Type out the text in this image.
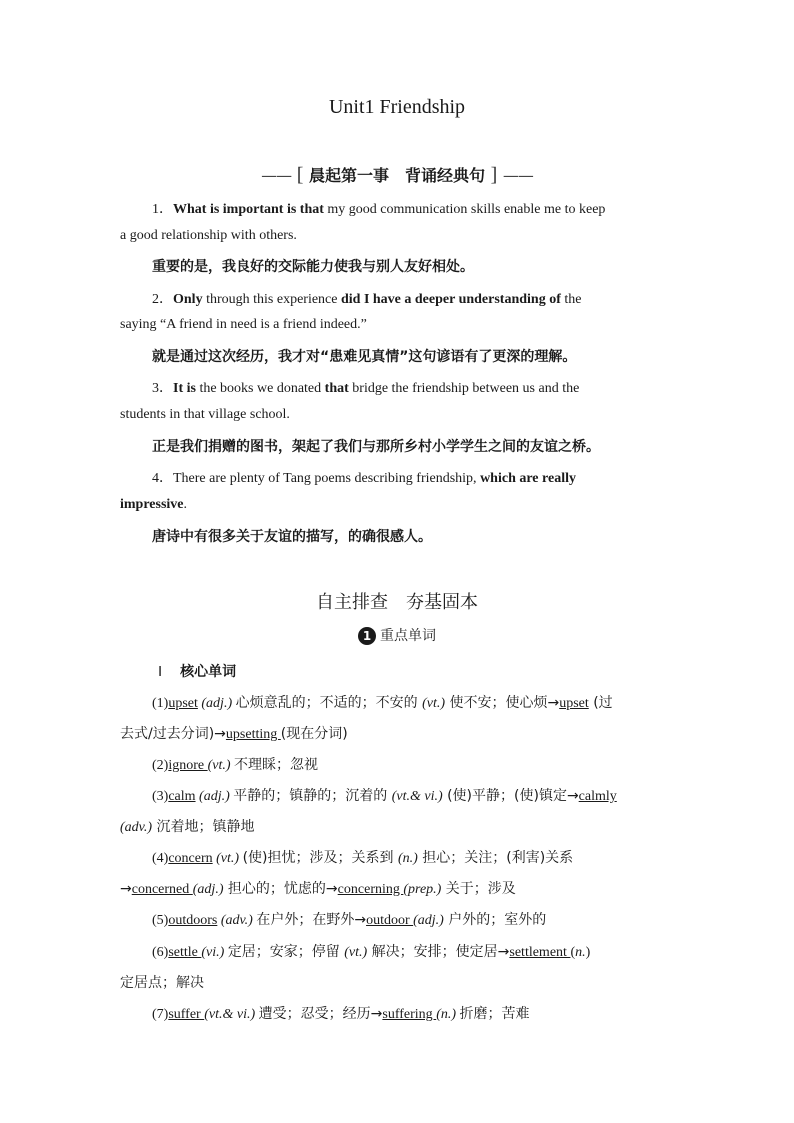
Unit1 Friendship
—— [ 晨起第一事　背诵经典句 ] ——
1．What is important is that my good communication skills enable me to keep
a good relationship with others.
重要的是，我良好的交际能力使我与别人友好相处。
2．Only through this experience did I have a deeper understanding of the
saying “A friend in need is a friend indeed.”
就是通过这次经历，我才对“患难见真情”这句谚语有了更深的理解。
3．It is the books we donated that bridge the friendship between us and the
students in that village school.
正是我们捐赠的图书，架起了我们与那所乡村小学学生之间的友谊之桥。
4．There are plenty of Tang poems describing friendship, which are really
impressive.
唐诗中有很多关于友谊的描写，的确很感人。
自主排查　夯基固本
1 重点单词
Ⅰ 核心单词
(1)upset (adj.) 心烦意乱的；不适的；不安的 (vt.) 使不安；使心烦→upset (过
去式/过去分词)→upsetting (现在分词)
(2)ignore (vt.) 不理睬；忽视
(3)calm (adj.) 平静的；镇静的；沉着的 (vt.& vi.) (使)平静；(使)镇定→calmly
(adv.) 沉着地；镇静地
(4)concern (vt.) (使)担忧；涉及；关系到 (n.) 担心；关注；(利害)关系
→concerned (adj.) 担心的；忧虑的→concerning (prep.) 关于；涉及
(5)outdoors (adv.) 在户外；在野外→outdoor (adj.) 户外的；室外的
(6)settle (vi.) 定居；安家；停留 (vt.) 解决；安排；使定居→settlement (n.)
定居点；解决
(7)suffer (vt.& vi.) 遭受；忍受；经历→suffering (n.) 折磨；苦难
